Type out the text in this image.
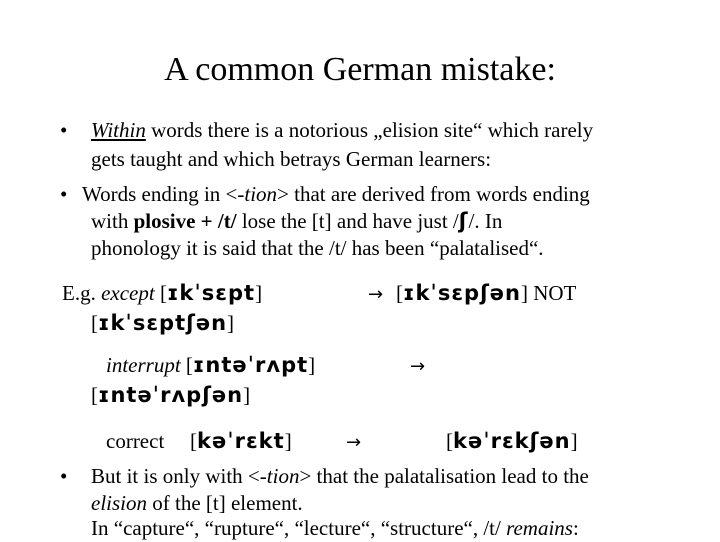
A common German mistake:
• Within words there is a notorious „elision site“ which rarely
gets taught and which betrays German learners:
• Words ending in <-tion> that are derived from words ending
with plosive + /t/ lose the [t] and have just /ʃ/. In
phonology it is said that the /t/ has been “palatalised“.
E.g. except [ɪkˈsɛpt]	→ [ɪkˈsɛpʃən] NOT
[ɪkˈsɛptʃən]
interrupt [ɪntəˈrʌpt]	→
[ɪntəˈrʌpʃən]
correct [kəˈrɛkt]	→	[kəˈrɛkʃən]
• But it is only with <-tion> that the palatalisation lead to the
elision of the [t] element.
In “capture“, “rupture“, “lecture“, “structure“, /t/ remains:
